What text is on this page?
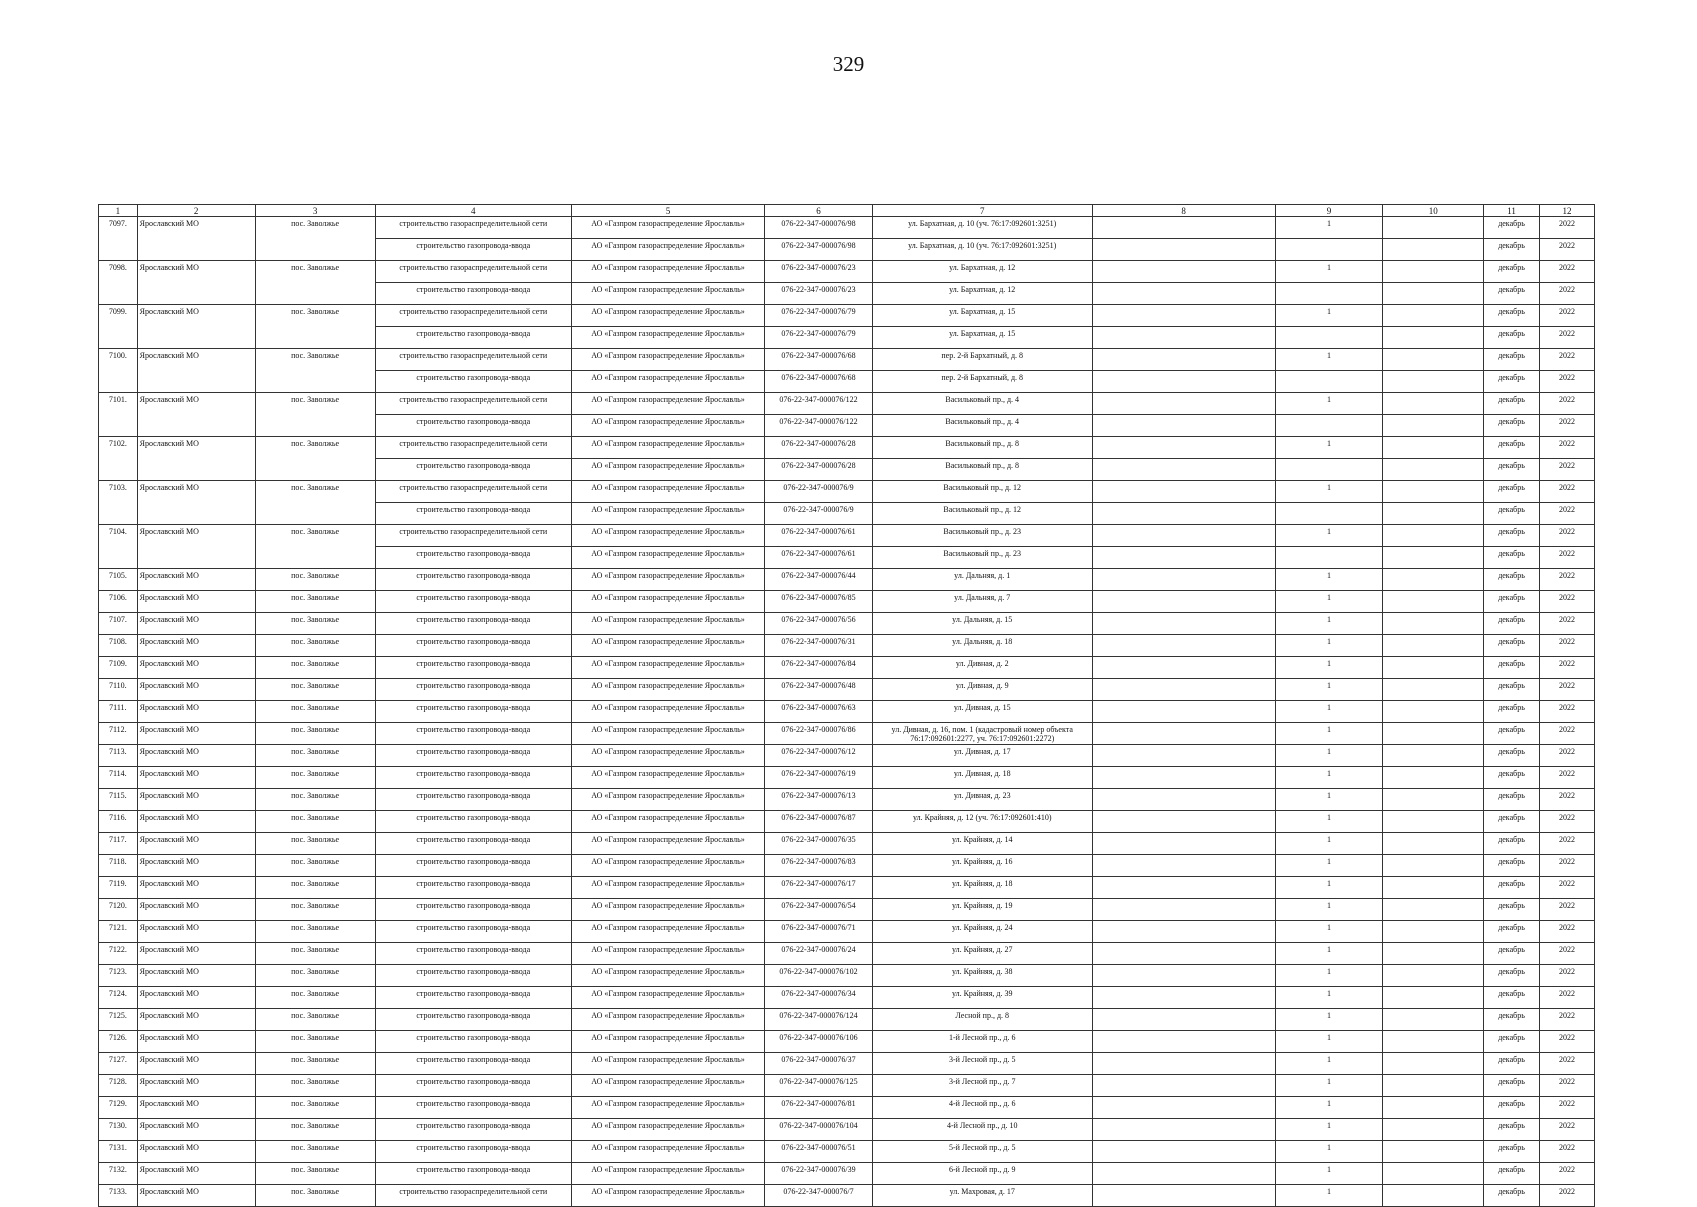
329
1	2	3	4	5	6	7	8	9	10	11	12
7097.	Ярославский МО	пос. Заволжье	строительство газораспределительной сети	АО «Газпром газораспределение Ярославль»	076-22-347-000076/98	ул. Бархатная, д. 10 (уч. 76:17:092601:3251)		1		декабрь	2022
			строительство газопровода-ввода	АО «Газпром газораспределение Ярославль»	076-22-347-000076/98	ул. Бархатная, д. 10 (уч. 76:17:092601:3251)				декабрь	2022
7098.	Ярославский МО	пос. Заволжье	строительство газораспределительной сети	АО «Газпром газораспределение Ярославль»	076-22-347-000076/23	ул. Бархатная, д. 12		1		декабрь	2022
			строительство газопровода-ввода	АО «Газпром газораспределение Ярославль»	076-22-347-000076/23	ул. Бархатная, д. 12				декабрь	2022
7099.	Ярославский МО	пос. Заволжье	строительство газораспределительной сети	АО «Газпром газораспределение Ярославль»	076-22-347-000076/79	ул. Бархатная, д. 15		1		декабрь	2022
			строительство газопровода-ввода	АО «Газпром газораспределение Ярославль»	076-22-347-000076/79	ул. Бархатная, д. 15				декабрь	2022
7100.	Ярославский МО	пос. Заволжье	строительство газораспределительной сети	АО «Газпром газораспределение Ярославль»	076-22-347-000076/68	пер. 2-й Бархатный, д. 8		1		декабрь	2022
			строительство газопровода-ввода	АО «Газпром газораспределение Ярославль»	076-22-347-000076/68	пер. 2-й Бархатный, д. 8				декабрь	2022
7101.	Ярославский МО	пос. Заволжье	строительство газораспределительной сети	АО «Газпром газораспределение Ярославль»	076-22-347-000076/122	Васильковый пр., д. 4		1		декабрь	2022
			строительство газопровода-ввода	АО «Газпром газораспределение Ярославль»	076-22-347-000076/122	Васильковый пр., д. 4				декабрь	2022
7102.	Ярославский МО	пос. Заволжье	строительство газораспределительной сети	АО «Газпром газораспределение Ярославль»	076-22-347-000076/28	Васильковый пр., д. 8		1		декабрь	2022
			строительство газопровода-ввода	АО «Газпром газораспределение Ярославль»	076-22-347-000076/28	Васильковый пр., д. 8				декабрь	2022
7103.	Ярославский МО	пос. Заволжье	строительство газораспределительной сети	АО «Газпром газораспределение Ярославль»	076-22-347-000076/9	Васильковый пр., д. 12		1		декабрь	2022
			строительство газопровода-ввода	АО «Газпром газораспределение Ярославль»	076-22-347-000076/9	Васильковый пр., д. 12				декабрь	2022
7104.	Ярославский МО	пос. Заволжье	строительство газораспределительной сети	АО «Газпром газораспределение Ярославль»	076-22-347-000076/61	Васильковый пр., д. 23		1		декабрь	2022
			строительство газопровода-ввода	АО «Газпром газораспределение Ярославль»	076-22-347-000076/61	Васильковый пр., д. 23				декабрь	2022
7105.	Ярославский МО	пос. Заволжье	строительство газопровода-ввода	АО «Газпром газораспределение Ярославль»	076-22-347-000076/44	ул. Дальняя, д. 1		1		декабрь	2022
7106.	Ярославский МО	пос. Заволжье	строительство газопровода-ввода	АО «Газпром газораспределение Ярославль»	076-22-347-000076/85	ул. Дальняя, д. 7		1		декабрь	2022
7107.	Ярославский МО	пос. Заволжье	строительство газопровода-ввода	АО «Газпром газораспределение Ярославль»	076-22-347-000076/56	ул. Дальняя, д. 15		1		декабрь	2022
7108.	Ярославский МО	пос. Заволжье	строительство газопровода-ввода	АО «Газпром газораспределение Ярославль»	076-22-347-000076/31	ул. Дальняя, д. 18		1		декабрь	2022
7109.	Ярославский МО	пос. Заволжье	строительство газопровода-ввода	АО «Газпром газораспределение Ярославль»	076-22-347-000076/84	ул. Дивная, д. 2		1		декабрь	2022
7110.	Ярославский МО	пос. Заволжье	строительство газопровода-ввода	АО «Газпром газораспределение Ярославль»	076-22-347-000076/48	ул. Дивная, д. 9		1		декабрь	2022
7111.	Ярославский МО	пос. Заволжье	строительство газопровода-ввода	АО «Газпром газораспределение Ярославль»	076-22-347-000076/63	ул. Дивная, д. 15		1		декабрь	2022
7112.	Ярославский МО	пос. Заволжье	строительство газопровода-ввода	АО «Газпром газораспределение Ярославль»	076-22-347-000076/86	ул. Дивная, д. 16, пом. 1 (кадастровый номер объекта 76:17:092601:2277, уч. 76:17:092601:2272)		1		декабрь	2022
7113.	Ярославский МО	пос. Заволжье	строительство газопровода-ввода	АО «Газпром газораспределение Ярославль»	076-22-347-000076/12	ул. Дивная, д. 17		1		декабрь	2022
7114.	Ярославский МО	пос. Заволжье	строительство газопровода-ввода	АО «Газпром газораспределение Ярославль»	076-22-347-000076/19	ул. Дивная, д. 18		1		декабрь	2022
7115.	Ярославский МО	пос. Заволжье	строительство газопровода-ввода	АО «Газпром газораспределение Ярославль»	076-22-347-000076/13	ул. Дивная, д. 23		1		декабрь	2022
7116.	Ярославский МО	пос. Заволжье	строительство газопровода-ввода	АО «Газпром газораспределение Ярославль»	076-22-347-000076/87	ул. Крайняя, д. 12 (уч. 76:17:092601:410)		1		декабрь	2022
7117.	Ярославский МО	пос. Заволжье	строительство газопровода-ввода	АО «Газпром газораспределение Ярославль»	076-22-347-000076/35	ул. Крайняя, д. 14		1		декабрь	2022
7118.	Ярославский МО	пос. Заволжье	строительство газопровода-ввода	АО «Газпром газораспределение Ярославль»	076-22-347-000076/83	ул. Крайняя, д. 16		1		декабрь	2022
7119.	Ярославский МО	пос. Заволжье	строительство газопровода-ввода	АО «Газпром газораспределение Ярославль»	076-22-347-000076/17	ул. Крайняя, д. 18		1		декабрь	2022
7120.	Ярославский МО	пос. Заволжье	строительство газопровода-ввода	АО «Газпром газораспределение Ярославль»	076-22-347-000076/54	ул. Крайняя, д. 19		1		декабрь	2022
7121.	Ярославский МО	пос. Заволжье	строительство газопровода-ввода	АО «Газпром газораспределение Ярославль»	076-22-347-000076/71	ул. Крайняя, д. 24		1		декабрь	2022
7122.	Ярославский МО	пос. Заволжье	строительство газопровода-ввода	АО «Газпром газораспределение Ярославль»	076-22-347-000076/24	ул. Крайняя, д. 27		1		декабрь	2022
7123.	Ярославский МО	пос. Заволжье	строительство газопровода-ввода	АО «Газпром газораспределение Ярославль»	076-22-347-000076/102	ул. Крайняя, д. 38		1		декабрь	2022
7124.	Ярославский МО	пос. Заволжье	строительство газопровода-ввода	АО «Газпром газораспределение Ярославль»	076-22-347-000076/34	ул. Крайняя, д. 39		1		декабрь	2022
7125.	Ярославский МО	пос. Заволжье	строительство газопровода-ввода	АО «Газпром газораспределение Ярославль»	076-22-347-000076/124	Лесной пр., д. 8		1		декабрь	2022
7126.	Ярославский МО	пос. Заволжье	строительство газопровода-ввода	АО «Газпром газораспределение Ярославль»	076-22-347-000076/106	1-й Лесной пр., д. 6		1		декабрь	2022
7127.	Ярославский МО	пос. Заволжье	строительство газопровода-ввода	АО «Газпром газораспределение Ярославль»	076-22-347-000076/37	3-й Лесной пр., д. 5		1		декабрь	2022
7128.	Ярославский МО	пос. Заволжье	строительство газопровода-ввода	АО «Газпром газораспределение Ярославль»	076-22-347-000076/125	3-й Лесной пр., д. 7		1		декабрь	2022
7129.	Ярославский МО	пос. Заволжье	строительство газопровода-ввода	АО «Газпром газораспределение Ярославль»	076-22-347-000076/81	4-й Лесной пр., д. 6		1		декабрь	2022
7130.	Ярославский МО	пос. Заволжье	строительство газопровода-ввода	АО «Газпром газораспределение Ярославль»	076-22-347-000076/104	4-й Лесной пр., д. 10		1		декабрь	2022
7131.	Ярославский МО	пос. Заволжье	строительство газопровода-ввода	АО «Газпром газораспределение Ярославль»	076-22-347-000076/51	5-й Лесной пр., д. 5		1		декабрь	2022
7132.	Ярославский МО	пос. Заволжье	строительство газопровода-ввода	АО «Газпром газораспределение Ярославль»	076-22-347-000076/39	6-й Лесной пр., д. 9		1		декабрь	2022
7133.	Ярославский МО	пос. Заволжье	строительство газораспределительной сети	АО «Газпром газораспределение Ярославль»	076-22-347-000076/7	ул. Махровая, д. 17		1		декабрь	2022
